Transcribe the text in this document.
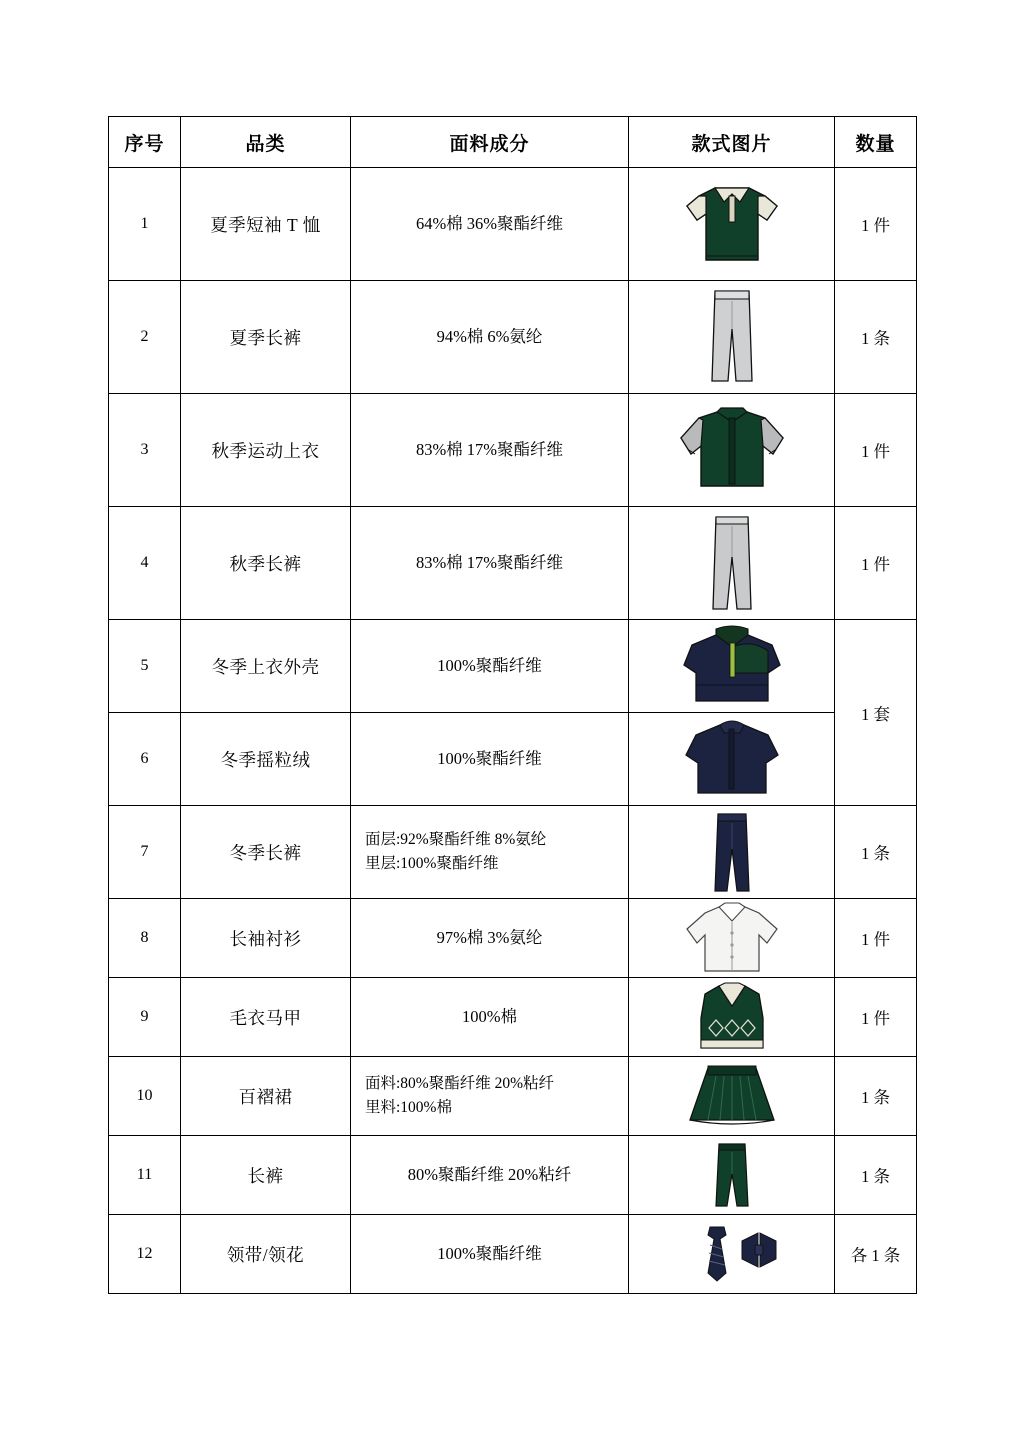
序号	品类	面料成分	款式图片	数量
1	夏季短袖 T 恤	64%棉 36%聚酯纤维		1 件
2	夏季长裤	94%棉 6%氨纶		1 条
3	秋季运动上衣	83%棉 17%聚酯纤维		1 件
4	秋季长裤	83%棉 17%聚酯纤维		1 件
5	冬季上衣外壳	100%聚酯纤维		1 套
6	冬季摇粒绒	100%聚酯纤维	

7	冬季长裤	面层:92%聚酯纤维 8%氨纶
里层:100%聚酯纤维		1 条
8	长袖衬衫	97%棉 3%氨纶		1 件
9	毛衣马甲	100%棉		1 件
10	百褶裙	面料:80%聚酯纤维 20%粘纤
里料:100%棉		1 条
11	长裤	80%聚酯纤维 20%粘纤		1 条
12	领带/领花	100%聚酯纤维		各 1 条
